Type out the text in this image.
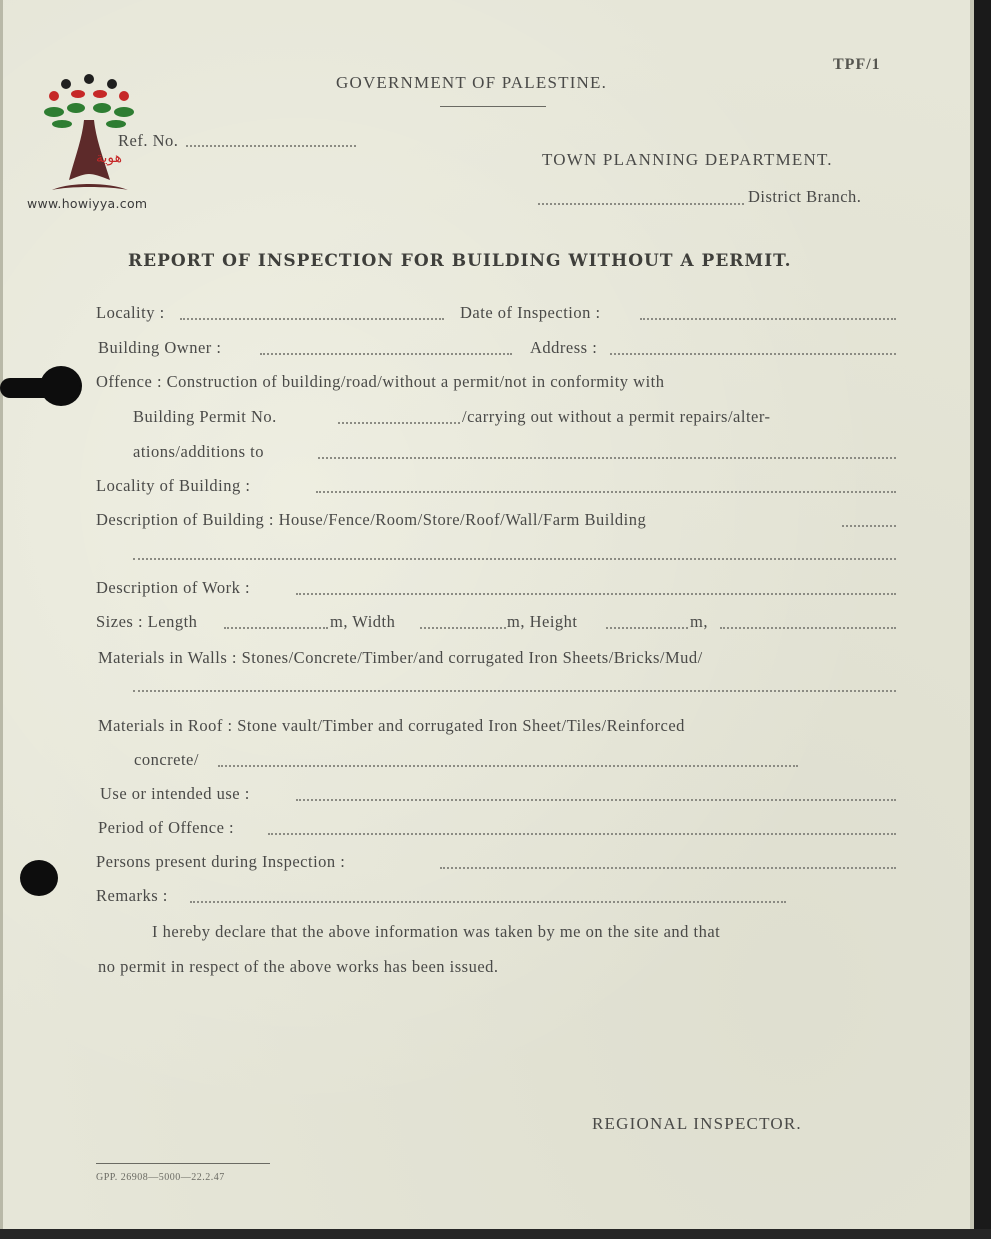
TPF/1
GOVERNMENT OF PALESTINE.
Ref. No.
TOWN PLANNING DEPARTMENT.
District Branch.
هوية
www.howiyya.com
REPORT OF INSPECTION FOR BUILDING WITHOUT A PERMIT.
Locality :	Date of Inspection :
Building Owner :	Address :
Offence : Construction of building/road/without a permit/not in conformity with
Building Permit No.	/carrying out without a permit repairs/alter-
ations/additions to
Locality of Building :
Description of Building : House/Fence/Room/Store/Roof/Wall/Farm Building
Description of Work :
Sizes : Length	m, Width	m, Height	m,
Materials in Walls : Stones/Concrete/Timber/and corrugated Iron Sheets/Bricks/Mud/
Materials in Roof : Stone vault/Timber and corrugated Iron Sheet/Tiles/Reinforced
concrete/
Use or intended use :
Period of Offence :
Persons present during Inspection :
Remarks :
I hereby declare that the above information was taken by me on the site and that
no permit in respect of the above works has been issued.
REGIONAL INSPECTOR.
GPP. 26908—5000—22.2.47
